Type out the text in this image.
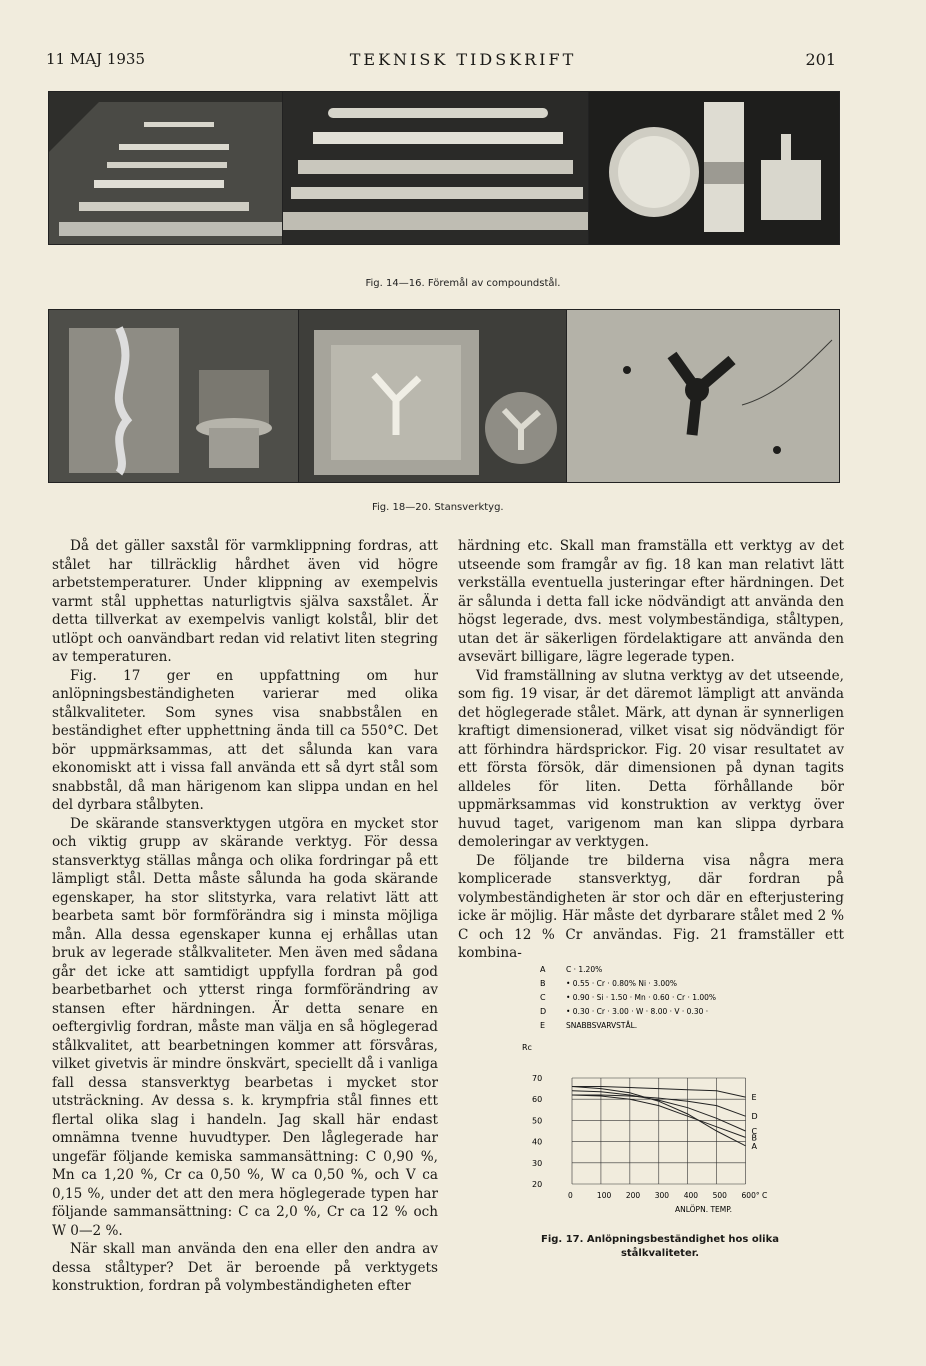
11 MAJ 1935	TEKNISK TIDSKRIFT	201
Fig. 14—16. Föremål av compoundstål.
Fig. 18—20. Stansverktyg.

Då det gäller saxstål för varmklippning fordras, att stålet har tillräcklig hårdhet även vid högre arbetstemperaturer. Under klippning av exempelvis varmt stål upphettas naturligtvis själva saxstålet. Är detta tillverkat av exempelvis vanligt kolstål, blir det utlöpt och oanvändbart redan vid relativt liten stegring av temperaturen.

Fig. 17 ger en uppfattning om hur anlöpningsbeständigheten varierar med olika stålkvaliteter. Som synes visa snabbstålen en beständighet efter upphettning ända till ca 550°C. Det bör uppmärksammas, att det sålunda kan vara ekonomiskt att i vissa fall använda ett så dyrt stål som snabbstål, då man härigenom kan slippa undan en hel del dyrbara stålbyten.

De skärande stansverktygen utgöra en mycket stor och viktig grupp av skärande verktyg. För dessa stansverktyg ställas många och olika fordringar på ett lämpligt stål. Detta måste sålunda ha goda skärande egenskaper, ha stor slitstyrka, vara relativt lätt att bearbeta samt bör formförändra sig i minsta möjliga mån. Alla dessa egenskaper kunna ej erhållas utan bruk av legerade stålkvaliteter. Men även med sådana går det icke att samtidigt uppfylla fordran på god bearbetbarhet och ytterst ringa formförändring av stansen efter härdningen. Är detta senare en oeftergivlig fordran, måste man välja en så höglegerad stålkvalitet, att bearbetningen kommer att försvåras, vilket givetvis är mindre önskvärt, speciellt då i vanliga fall dessa stansverktyg bearbetas i mycket stor utsträckning. Av dessa s. k. krympfria stål finnes ett flertal olika slag i handeln. Jag skall här endast omnämna tvenne huvudtyper. Den låglegerade har ungefär följande kemiska sammansättning: C 0,90 %, Mn ca 1,20 %, Cr ca 0,50 %, W ca 0,50 %, och V ca 0,15 %, under det att den mera höglegerade typen har följande sammansättning: C ca 2,0 %, Cr ca 12 % och W 0—2 %.

När skall man använda den ena eller den andra av dessa ståltyper? Det är beroende på verktygets konstruktion, fordran på volymbeständigheten efter

härdning etc. Skall man framställa ett verktyg av det utseende som framgår av fig. 18 kan man relativt lätt verkställa eventuella justeringar efter härdningen. Det är sålunda i detta fall icke nödvändigt att använda den högst legerade, dvs. mest volymbeständiga, ståltypen, utan det är säkerligen fördelaktigare att använda den avsevärt billigare, lägre legerade typen.

Vid framställning av slutna verktyg av det utseende, som fig. 19 visar, är det däremot lämpligt att använda det höglegerade stålet. Märk, att dynan är synnerligen kraftigt dimensionerad, vilket visat sig nödvändigt för att förhindra härdsprickor. Fig. 20 visar resultatet av ett första försök, där dimensionen på dynan tagits alldeles för liten. Detta förhållande bör uppmärksammas vid konstruktion av verktyg över huvud taget, varigenom man kan slippa dyrbara demoleringar av verktygen.

De följande tre bilderna visa några mera komplicerade stansverktyg, där fordran på volymbeständigheten är stor och där en efterjustering icke är möjlig. Här måste det dyrbarare stålet med 2 % C och 12 % Cr användas. Fig. 21 framställer ett kombina-

A	C · 1.20%
B	• 0.55 · Cr · 0.80% Ni · 3.00%
C	• 0.90 · Si · 1.50 · Mn · 0.60 · Cr · 1.00%
D	• 0.30 · Cr · 3.00 · W · 8.00 · V · 0.30 ·
E	SNABBSVARVSTÅL.
Rc
20
30
40
50
60
70
0	100 200 300 400 500 600° C
ANLÖPN. TEMP.
A
B
C
D
E
Fig. 17. Anlöpningsbeständighet hos olika stålkvaliteter.
